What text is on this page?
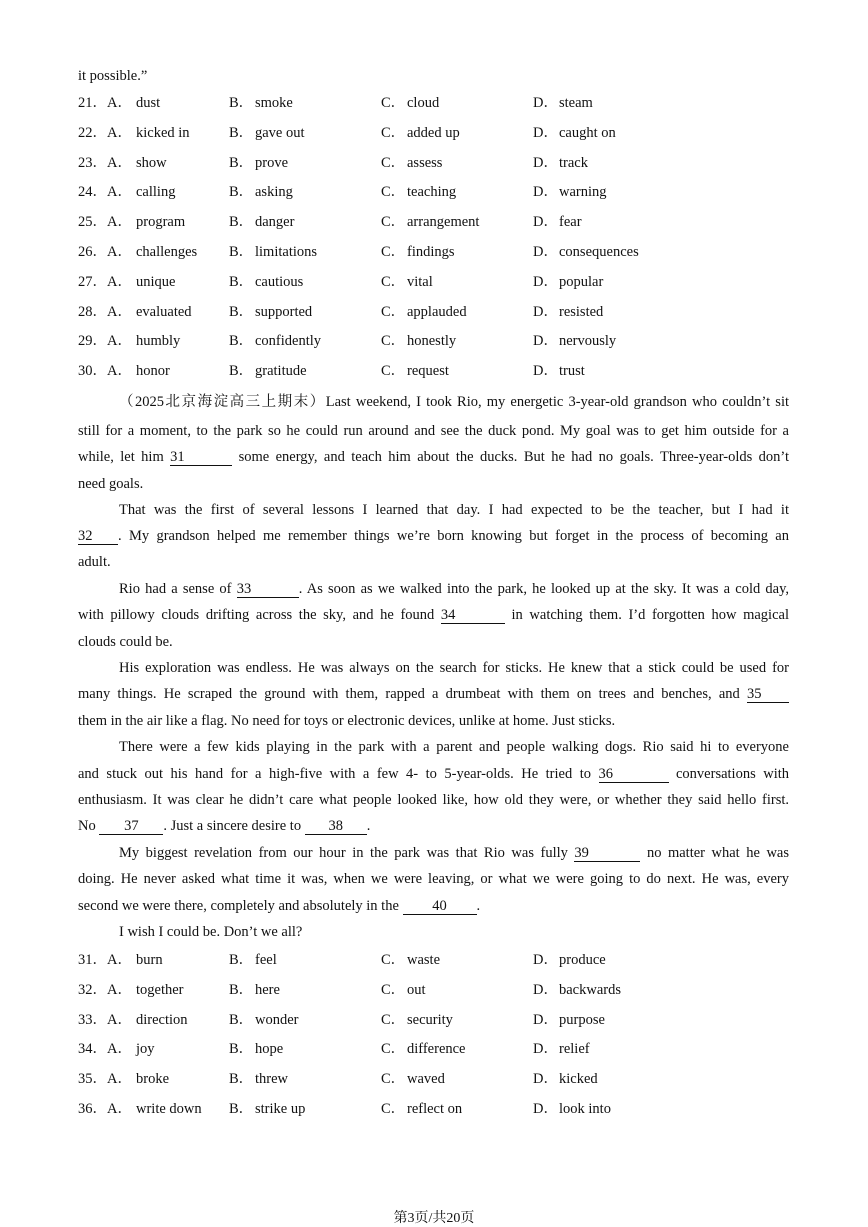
it possible.”
21． A． dust	B． smoke	C． cloud	D． steam
22． A． kicked in	B． gave out	C． added up	D． caught on
23． A． show	B． prove	C． assess	D． track
24． A． calling	B． asking	C． teaching	D． warning
25． A． program	B． danger	C． arrangement	D． fear
26． A． challenges B． limitations	C． findings	D． consequences
27． A． unique	B． cautious	C． vital	D． popular
28． A． evaluated	B． supported	C． applauded	D． resisted
29． A． humbly	B． confidently	C． honestly	D． nervously
30． A． honor	B． gratitude	C． request	D． trust
（2025北京海淀高三上期末）Last weekend, I took Rio, my energetic 3-year-old grandson who couldn’t sit
still for a moment, to the park so he could run around and see the duck pond. My goal was to get him outside for a
while, let him 31	some energy, and teach him about the ducks. But he had no goals. Three-year-olds don’t
need goals.
That was the first of several lessons I learned that day. I had expected to be the teacher, but I had it
32 . My grandson helped me remember things we’re born knowing but forget in the process of becoming an
adult.
Rio had a sense of 33	. As soon as we walked into the park, he looked up at the sky. It was a cold day,
with pillowy clouds drifting across the sky, and he found 34	in watching them. I’d forgotten how magical
clouds could be.
His exploration was endless. He was always on the search for sticks. He knew that a stick could be used for
many things. He scraped the ground with them, rapped a drumbeat with them on trees and benches, and 35
them in the air like a flag. No need for toys or electronic devices, unlike at home. Just sticks.
There were a few kids playing in the park with a parent and people walking dogs. Rio said hi to everyone
and stuck out his hand for a high-five with a few 4- to 5-year-olds. He tried to 36	conversations with
enthusiasm. It was clear he didn’t care what people looked like, how old they were, or whether they said hello first.
No 37 . Just a sincere desire to 38 .
My biggest revelation from our hour in the park was that Rio was fully 39	no matter what he was
doing. He never asked what time it was, when we were leaving, or what we were going to do next. He was, every
second we were there, completely and absolutely in the 40 .
I wish I could be. Don’t we all?
31． A． burn	B． feel	C． waste	D． produce
32． A． together	B． here	C． out	D． backwards
33． A． direction	B． wonder	C． security	D． purpose
34． A． joy	B． hope	C． difference	D． relief
35． A． broke	B． threw	C． waved	D． kicked
36． A． write down B． strike up	C． reflect on	D． look into
第3页/共20页
